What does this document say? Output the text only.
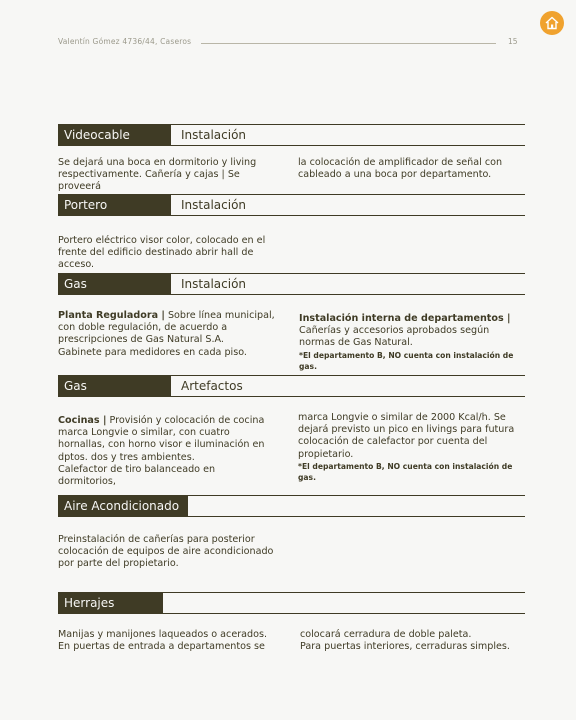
Valentín Gómez 4736/44, Caseros	15
Videocable	Instalación
Se dejará una boca en dormitorio y living respectivamente. Cañería y cajas | Se proveerá
la colocación de amplificador de señal con cableado a una boca por departamento.
Portero	Instalación
Portero eléctrico visor color, colocado en el frente del edificio destinado abrir hall de acceso.
Gas	Instalación
Planta Reguladora | Sobre línea municipal, con doble regulación, de acuerdo a prescripciones de Gas Natural S.A.
Gabinete para medidores en cada piso.
Instalación interna de departamentos |
Cañerías y accesorios aprobados según normas de Gas Natural.
*El departamento B, NO cuenta con instalación de gas.
Gas	Artefactos
Cocinas | Provisión y colocación de cocina marca Longvie o similar, con cuatro hornallas, con horno visor e iluminación en dptos. dos y tres ambientes.
Calefactor de tiro balanceado en dormitorios,
marca Longvie o similar de 2000 Kcal/h. Se dejará previsto un pico en livings para futura colocación de calefactor por cuenta del propietario.
*El departamento B, NO cuenta con instalación de gas.
Aire Acondicionado
Preinstalación de cañerías para posterior colocación de equipos de aire acondicionado por parte del propietario.
Herrajes
Manijas y manijones laqueados o acerados. En puertas de entrada a departamentos se
colocará cerradura de doble paleta.
Para puertas interiores, cerraduras simples.
